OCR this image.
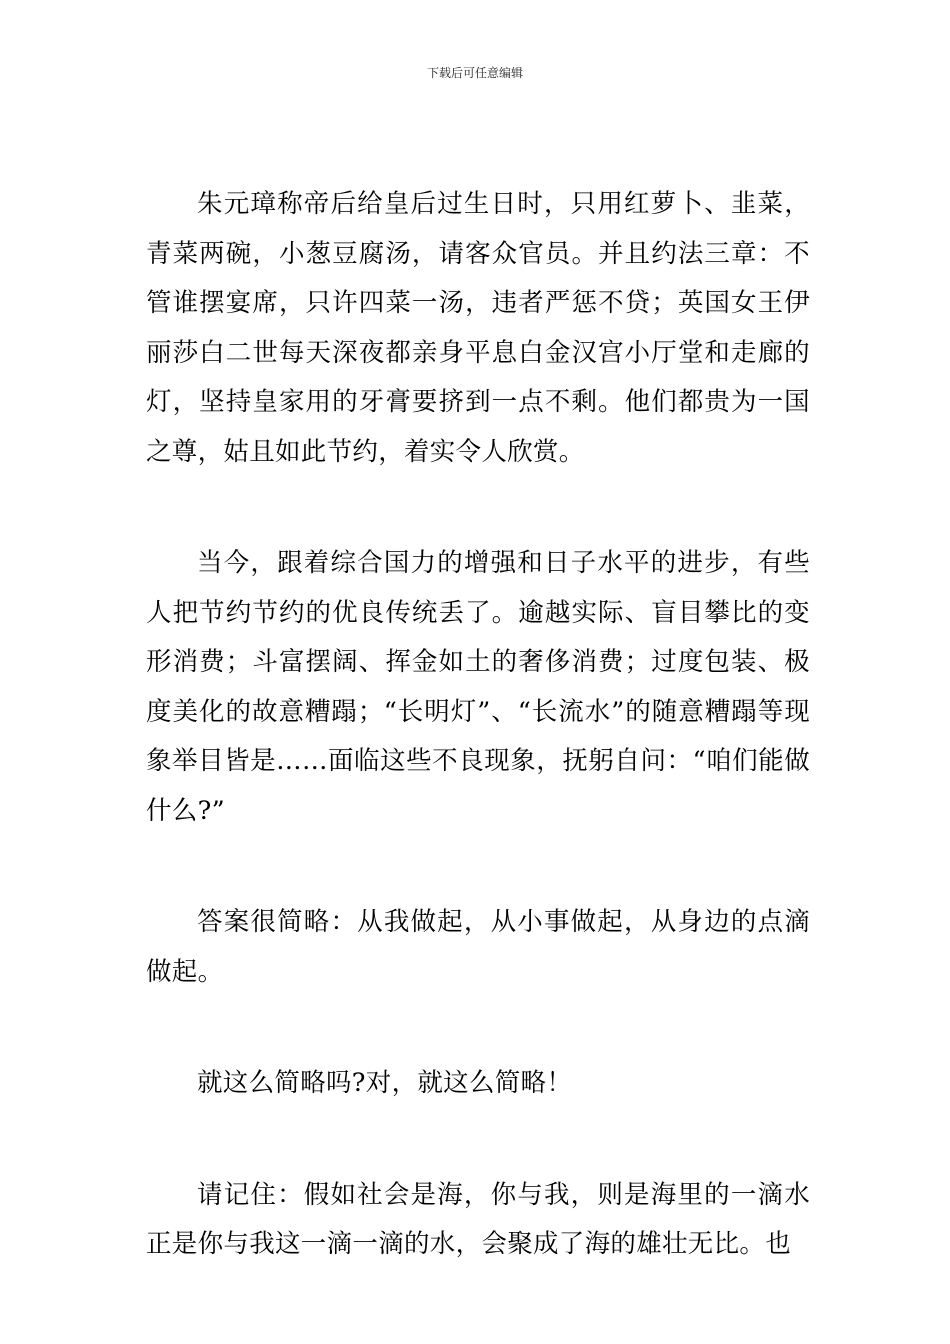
下载后可任意编辑

朱元璋称帝后给皇后过生日时，只用红萝卜、韭菜，青菜两碗，小葱豆腐汤，请客众官员。并且约法三章：不管谁摆宴席，只许四菜一汤，违者严惩不贷；英国女王伊丽莎白二世每天深夜都亲身平息白金汉宫小厅堂和走廊的灯，坚持皇家用的牙膏要挤到一点不剩。他们都贵为一国之尊，姑且如此节约，着实令人欣赏。

当今，跟着综合国力的增强和日子水平的进步，有些人把节约节约的优良传统丢了。逾越实际、盲目攀比的变形消费；斗富摆阔、挥金如土的奢侈消费；过度包装、极度美化的故意糟蹋；“长明灯”、“长流水”的随意糟蹋等现象举目皆是……面临这些不良现象，抚躬自问：“咱们能做什么?”

答案很简略：从我做起，从小事做起，从身边的点滴做起。

就这么简略吗?对，就这么简略！

请记住：假如社会是海，你与我，则是海里的一滴水正是你与我这一滴一滴的水，会聚成了海的雄壮无比。也
